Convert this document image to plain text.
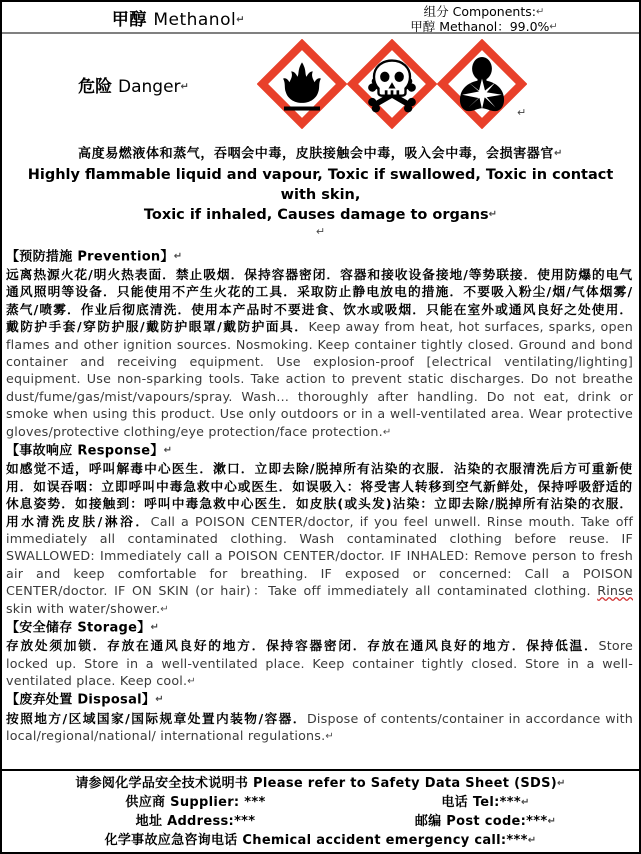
甲醇 Methanol↵
组分 Components:↵
甲醇 Methanol：99.0%↵
危险 Danger↵
↵
高度易燃液体和蒸气，吞咽会中毒，皮肤接触会中毒，吸入会中毒，会损害器官↵
Highly flammable liquid and vapour, Toxic if swallowed, Toxic in contact with skin,
Toxic if inhaled, Causes damage to organs↵
↵
【预防措施 Prevention】↵
远离热源火花/明火热表面．禁止吸烟．保持容器密闭．容器和接收设备接地/等势联接．使用防爆的电气通风照明等设备．只能使用不产生火花的工具．采取防止静电放电的措施．不要吸入粉尘/烟/气体烟雾/蒸气/喷雾．作业后彻底清洗．使用本产品时不要进食、饮水或吸烟．只能在室外或通风良好之处使用．戴防护手套/穿防护服/戴防护眼罩/戴防护面具．Keep away from heat, hot surfaces, sparks, open flames and other ignition sources. Nosmoking. Keep container tightly closed. Ground and bond container and receiving equipment. Use explosion-proof [electrical ventilating/lighting] equipment. Use non-sparking tools. Take action to prevent static discharges. Do not breathe dust/fume/gas/mist/vapours/spray. Wash… thoroughly after handling. Do not eat, drink or smoke when using this product. Use only outdoors or in a well-ventilated area. Wear protective gloves/protective clothing/eye protection/face protection.↵
【事故响应 Response】↵
如感觉不适，呼叫解毒中心医生．漱口．立即去除/脱掉所有沾染的衣服．沾染的衣服清洗后方可重新使用．如误吞咽：立即呼叫中毒急救中心或医生．如误吸入：将受害人转移到空气新鲜处，保持呼吸舒适的休息姿势．如接触到：呼叫中毒急救中心医生．如皮肤(或头发)沾染：立即去除/脱掉所有沾染的衣服．用水清洗皮肤/淋浴．Call a POISON CENTER/doctor, if you feel unwell. Rinse mouth. Take off immediately all contaminated clothing. Wash contaminated clothing before reuse. IF SWALLOWED: Immediately call a POISON CENTER/doctor. IF INHALED: Remove person to fresh air and keep comfortable for breathing. IF exposed or concerned: Call a POISON CENTER/doctor. IF ON SKIN (or hair)：Take off immediately all contaminated clothing. Rinse skin with water/shower.↵
【安全储存 Storage】↵
存放处须加锁．存放在通风良好的地方．保持容器密闭．存放在通风良好的地方．保持低温．Store locked up. Store in a well-ventilated place. Keep container tightly closed. Store in a well-ventilated place. Keep cool.↵
【废弃处置 Disposal】↵
按照地方/区域国家/国际规章处置内装物/容器．Dispose of contents/container in accordance with local/regional/national/ international regulations.↵
请参阅化学品安全技术说明书 Please refer to Safety Data Sheet (SDS)↵
供应商 Supplier: ***	电话 Tel:***↵
地址 Address:***	邮编 Post code:***↵
化学事故应急咨询电话 Chemical accident emergency call:***↵
